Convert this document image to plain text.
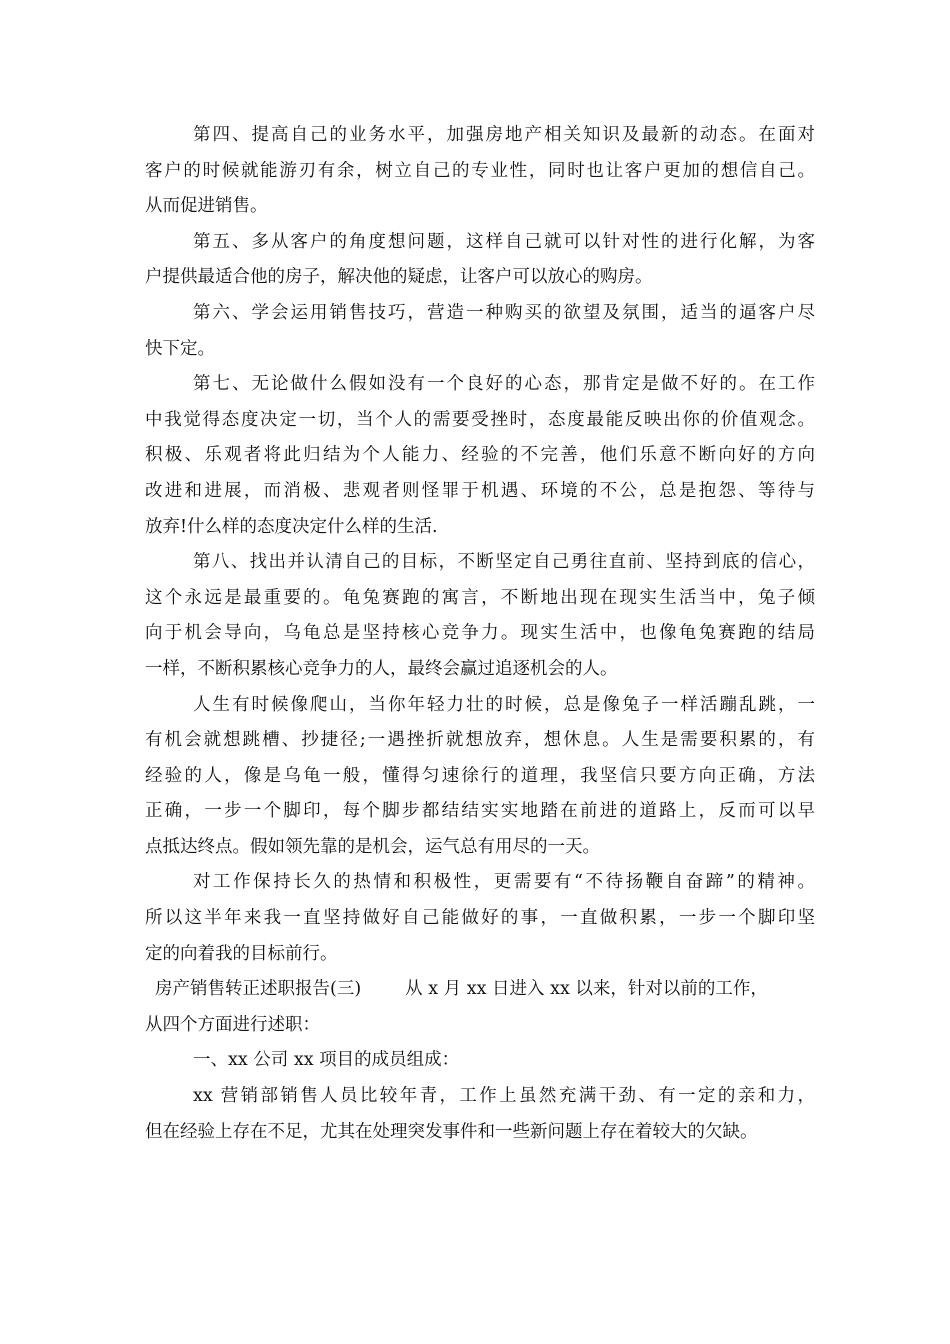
第四、提高自己的业务水平，加强房地产相关知识及最新的动态。在面对
客户的时候就能游刃有余，树立自己的专业性，同时也让客户更加的想信自己。
从而促进销售。
第五、多从客户的角度想问题，这样自己就可以针对性的进行化解，为客
户提供最适合他的房子，解决他的疑虑，让客户可以放心的购房。
第六、学会运用销售技巧，营造一种购买的欲望及氛围，适当的逼客户尽
快下定。
第七、无论做什么假如没有一个良好的心态，那肯定是做不好的。在工作
中我觉得态度决定一切，当个人的需要受挫时，态度最能反映出你的价值观念。
积极、乐观者将此归结为个人能力、经验的不完善，他们乐意不断向好的方向
改进和进展，而消极、悲观者则怪罪于机遇、环境的不公，总是抱怨、等待与
放弃!什么样的态度决定什么样的生活.
第八、找出并认清自己的目标，不断坚定自己勇往直前、坚持到底的信心，
这个永远是最重要的。龟兔赛跑的寓言，不断地出现在现实生活当中，兔子倾
向于机会导向，乌龟总是坚持核心竞争力。现实生活中，也像龟兔赛跑的结局
一样，不断积累核心竞争力的人，最终会赢过追逐机会的人。
人生有时候像爬山，当你年轻力壮的时候，总是像兔子一样活蹦乱跳，一
有机会就想跳槽、抄捷径;一遇挫折就想放弃，想休息。人生是需要积累的，有
经验的人，像是乌龟一般，懂得匀速徐行的道理，我坚信只要方向正确，方法
正确，一步一个脚印，每个脚步都结结实实地踏在前进的道路上，反而可以早
点抵达终点。假如领先靠的是机会，运气总有用尽的一天。
对工作保持长久的热情和积极性，更需要有“不待扬鞭自奋蹄”的精神。
所以这半年来我一直坚持做好自己能做好的事，一直做积累，一步一个脚印坚
定的向着我的目标前行。
房产销售转正述职报告(三)	从 x 月 xx 日进入 xx 以来，针对以前的工作，
从四个方面进行述职：
一、xx 公司 xx 项目的成员组成：
xx 营销部销售人员比较年青，工作上虽然充满干劲、有一定的亲和力，
但在经验上存在不足，尤其在处理突发事件和一些新问题上存在着较大的欠缺。
